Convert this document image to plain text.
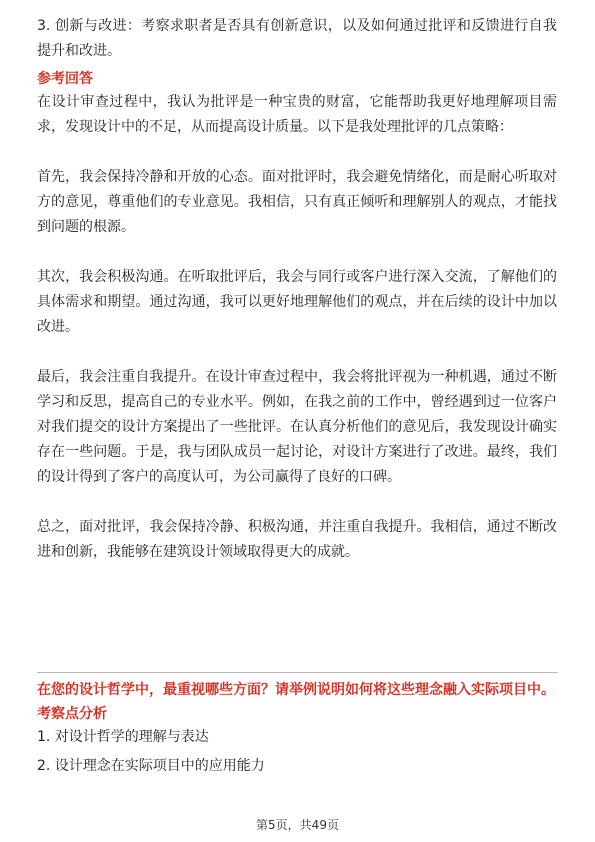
3. 创新与改进：考察求职者是否具有创新意识，以及如何通过批评和反馈进行自我提升和改进。

参考回答

在设计审查过程中，我认为批评是一种宝贵的财富，它能帮助我更好地理解项目需求，发现设计中的不足，从而提高设计质量。以下是我处理批评的几点策略：

首先，我会保持冷静和开放的心态。面对批评时，我会避免情绪化，而是耐心听取对方的意见，尊重他们的专业意见。我相信，只有真正倾听和理解别人的观点，才能找到问题的根源。

其次，我会积极沟通。在听取批评后，我会与同行或客户进行深入交流，了解他们的具体需求和期望。通过沟通，我可以更好地理解他们的观点，并在后续的设计中加以改进。

最后，我会注重自我提升。在设计审查过程中，我会将批评视为一种机遇，通过不断学习和反思，提高自己的专业水平。例如，在我之前的工作中，曾经遇到过一位客户对我们提交的设计方案提出了一些批评。在认真分析他们的意见后，我发现设计确实存在一些问题。于是，我与团队成员一起讨论，对设计方案进行了改进。最终，我们的设计得到了客户的高度认可，为公司赢得了良好的口碑。

总之，面对批评，我会保持冷静、积极沟通，并注重自我提升。我相信，通过不断改进和创新，我能够在建筑设计领域取得更大的成就。

在您的设计哲学中，最重视哪些方面？请举例说明如何将这些理念融入实际项目中。

考察点分析

1. 对设计哲学的理解与表达

2. 设计理念在实际项目中的应用能力

第5页，共49页
